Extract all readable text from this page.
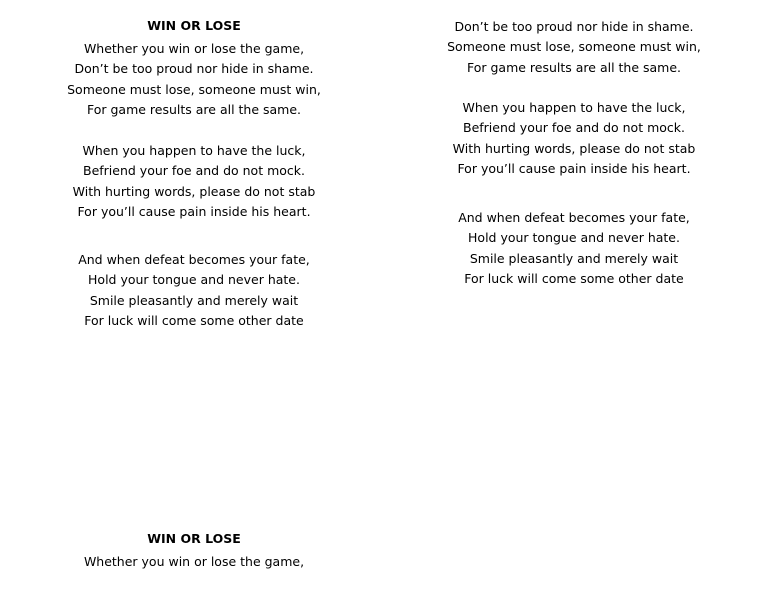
WIN OR LOSE
Whether you win or lose the game,
Don’t be too proud nor hide in shame.
Someone must lose, someone must win,
For game results are all the same.
When you happen to have the luck,
Befriend your foe and do not mock.
With hurting words, please do not stab
For you’ll cause pain inside his heart.
And when defeat becomes your fate,
Hold your tongue and never hate.
Smile pleasantly and merely wait
For luck will come some other date
Don’t be too proud nor hide in shame.
Someone must lose, someone must win,
For game results are all the same.
When you happen to have the luck,
Befriend your foe and do not mock.
With hurting words, please do not stab
For you’ll cause pain inside his heart.
And when defeat becomes your fate,
Hold your tongue and never hate.
Smile pleasantly and merely wait
For luck will come some other date
WIN OR LOSE
Whether you win or lose the game,
